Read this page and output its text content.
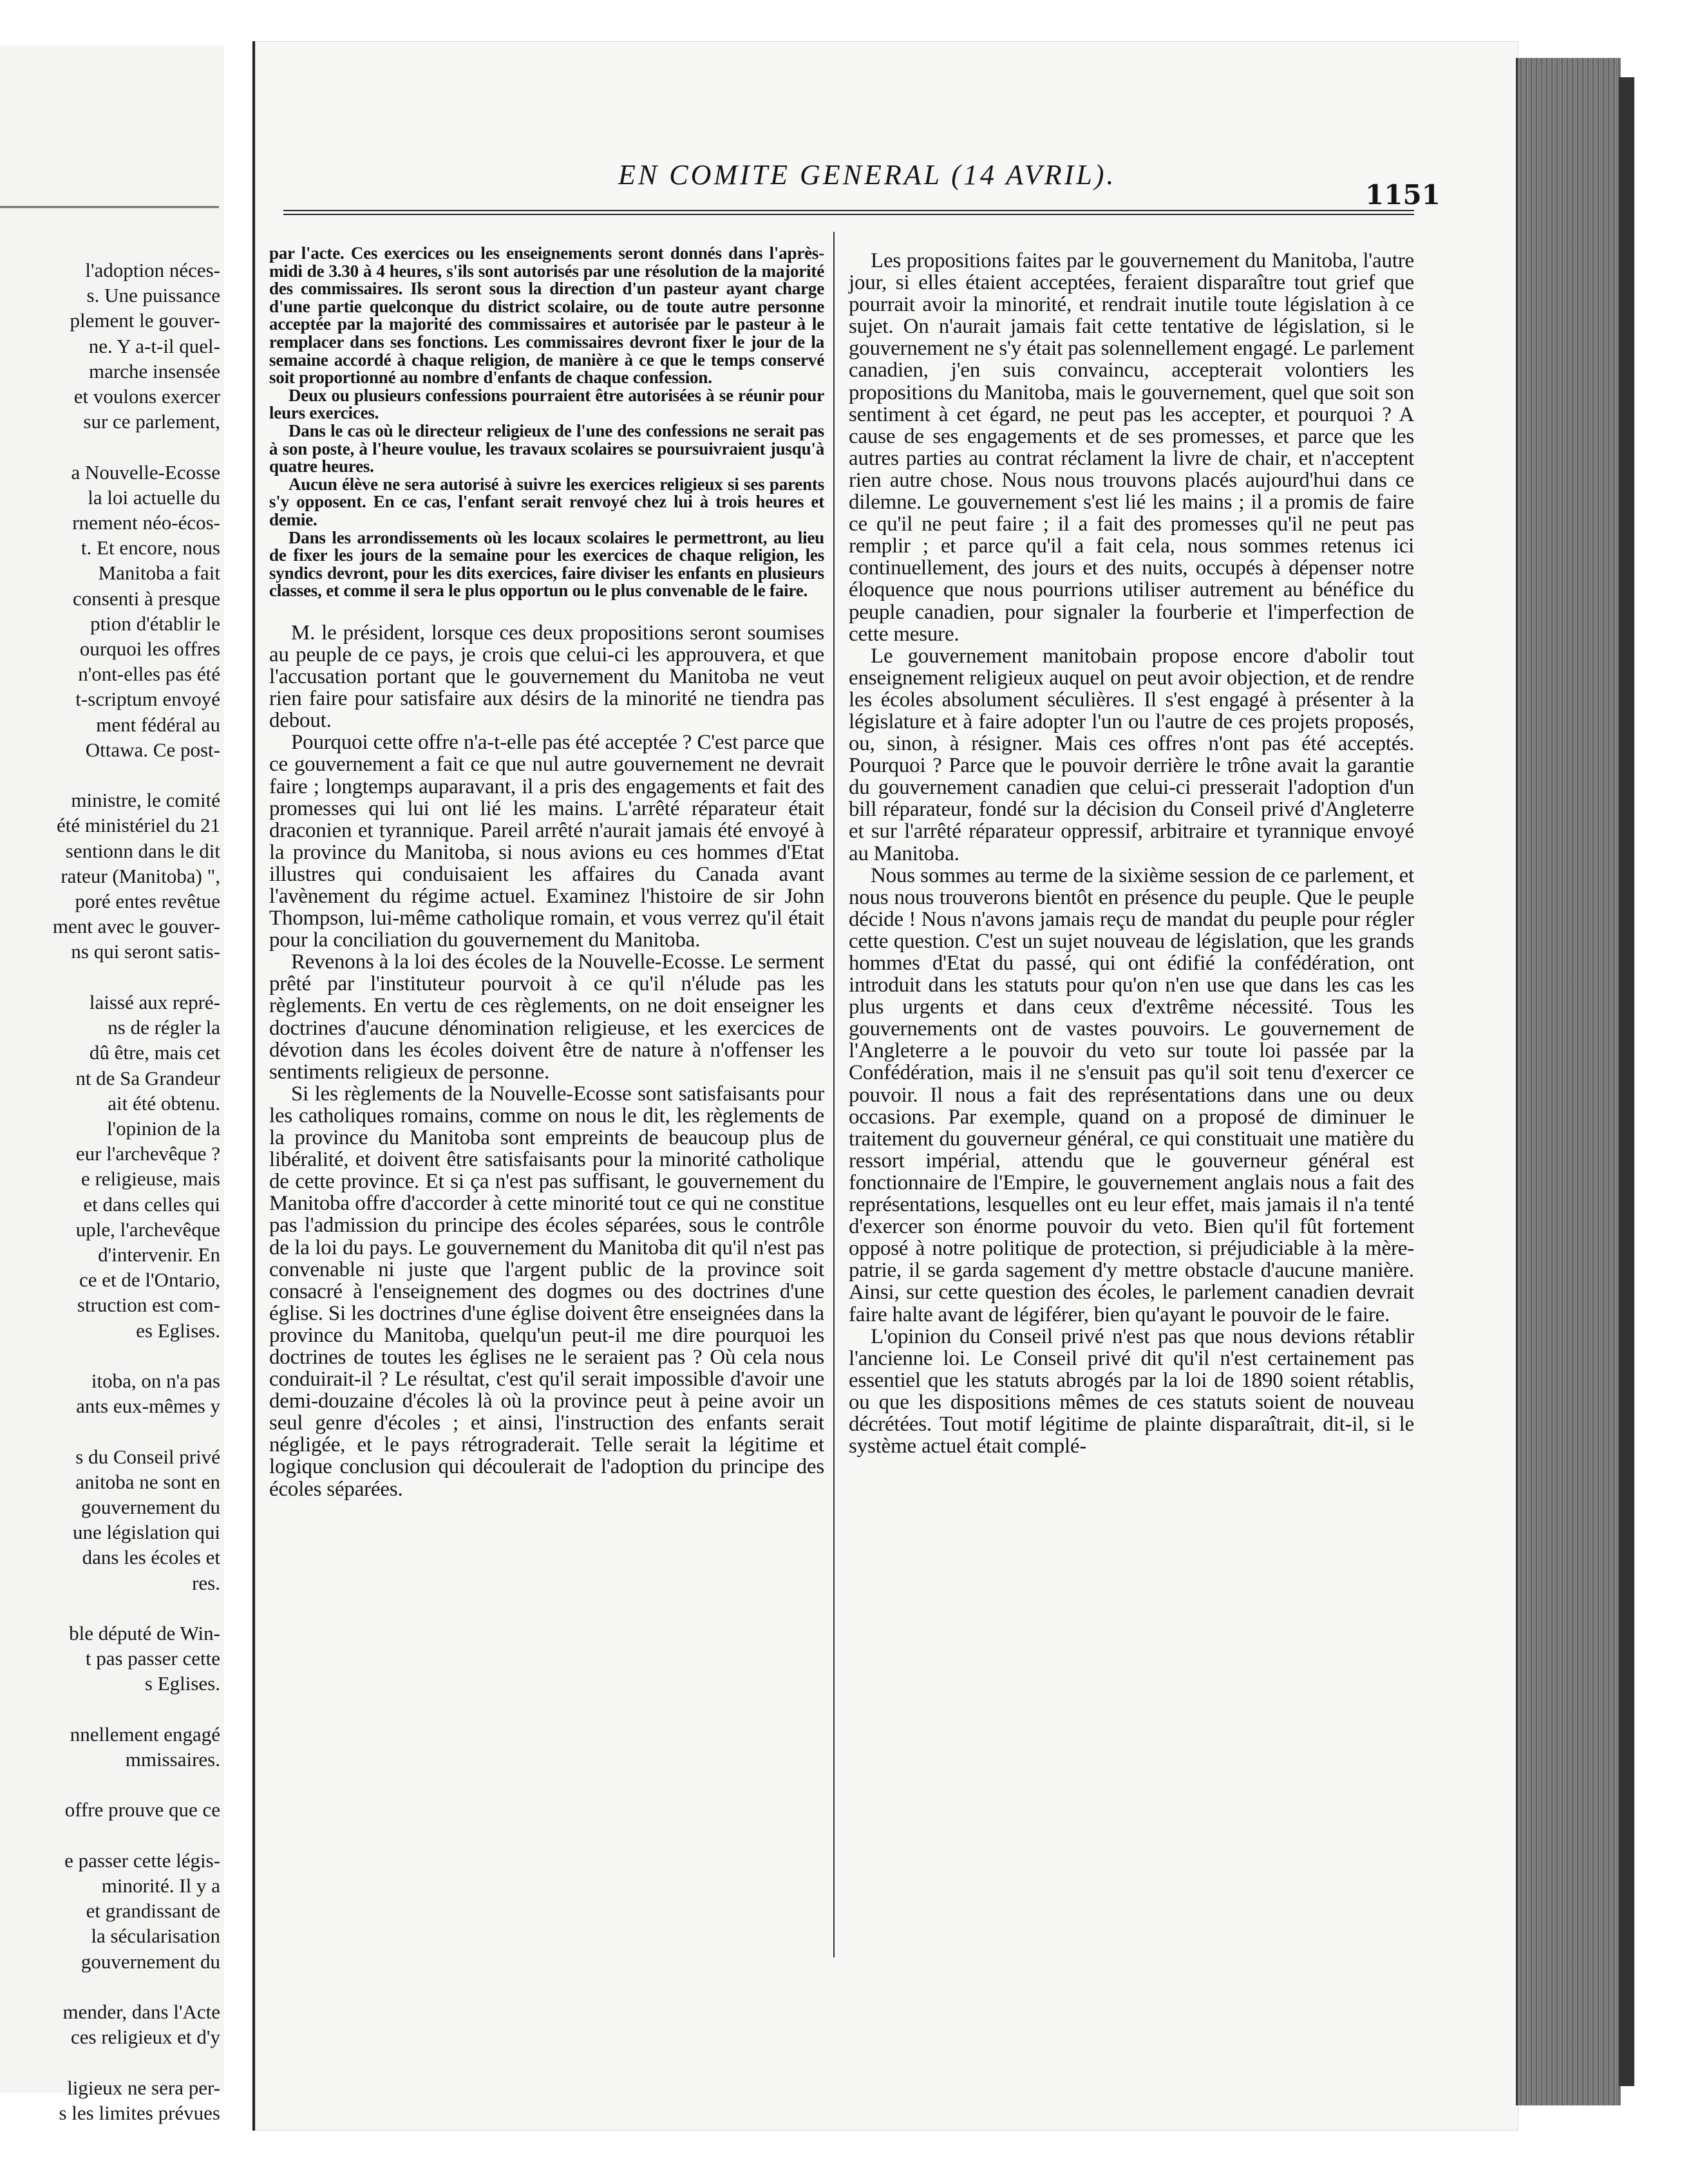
l'adoption néces-
s. Une puissance
plement le gouver-
ne. Y a-t-il quel-
marche insensée
et voulons exercer
sur ce parlement,

a Nouvelle-Ecosse
la loi actuelle du
rnement néo-écos-
t. Et encore, nous
Manitoba a fait
consenti à presque
ption d'établir le
ourquoi les offres
n'ont-elles pas été
t-scriptum envoyé
ment fédéral au
Ottawa. Ce post-

ministre, le comité
été ministériel du 21
sentionn dans le dit
rateur (Manitoba) ",
poré entes revêtue
ment avec le gouver-
ns qui seront satis-

laissé aux repré-
ns de régler la
dû être, mais cet
nt de Sa Grandeur
ait été obtenu.
l'opinion de la
eur l'archevêque ?
e religieuse, mais
et dans celles qui
uple, l'archevêque
d'intervenir. En
ce et de l'Ontario,
struction est com-
es Eglises.

itoba, on n'a pas
ants eux-mêmes y

s du Conseil privé
anitoba ne sont en
gouvernement du
une législation qui
dans les écoles et
res.

ble député de Win-
t pas passer cette
s Eglises.

nnellement engagé
mmissaires.

offre prouve que ce

e passer cette légis-
minorité. Il y a
et grandissant de
la sécularisation
gouvernement du

mender, dans l'Acte
ces religieux et d'y

ligieux ne sera per-
s les limites prévues
EN COMITE GENERAL (14 AVRIL).
1151

par l'acte. Ces exercices ou les enseignements seront donnés dans l'après-midi de 3.30 à 4 heures, s'ils sont autorisés par une résolution de la majorité des commissaires. Ils seront sous la direction d'un pasteur ayant charge d'une partie quelconque du district scolaire, ou de toute autre personne acceptée par la majorité des commissaires et autorisée par le pasteur à le remplacer dans ses fonctions. Les commissaires devront fixer le jour de la semaine accordé à chaque religion, de manière à ce que le temps conservé soit proportionné au nombre d'enfants de chaque confession.

Deux ou plusieurs confessions pourraient être autorisées à se réunir pour leurs exercices.

Dans le cas où le directeur religieux de l'une des confessions ne serait pas à son poste, à l'heure voulue, les travaux scolaires se poursuivraient jusqu'à quatre heures.

Aucun élève ne sera autorisé à suivre les exercices religieux si ses parents s'y opposent. En ce cas, l'enfant serait renvoyé chez lui à trois heures et demie.

Dans les arrondissements où les locaux scolaires le permettront, au lieu de fixer les jours de la semaine pour les exercices de chaque religion, les syndics devront, pour les dits exercices, faire diviser les enfants en plusieurs classes, et comme il sera le plus opportun ou le plus convenable de le faire.

M. le président, lorsque ces deux propositions seront soumises au peuple de ce pays, je crois que celui-ci les approuvera, et que l'accusation portant que le gouvernement du Manitoba ne veut rien faire pour satisfaire aux désirs de la minorité ne tiendra pas debout.

Pourquoi cette offre n'a-t-elle pas été acceptée ? C'est parce que ce gouvernement a fait ce que nul autre gouvernement ne devrait faire ; longtemps auparavant, il a pris des engagements et fait des promesses qui lui ont lié les mains. L'arrêté réparateur était draconien et tyrannique. Pareil arrêté n'aurait jamais été envoyé à la province du Manitoba, si nous avions eu ces hommes d'Etat illustres qui conduisaient les affaires du Canada avant l'avènement du régime actuel. Examinez l'histoire de sir John Thompson, lui-même catholique romain, et vous verrez qu'il était pour la conciliation du gouvernement du Manitoba.

Revenons à la loi des écoles de la Nouvelle-Ecosse. Le serment prêté par l'instituteur pourvoit à ce qu'il n'élude pas les règlements. En vertu de ces règlements, on ne doit enseigner les doctrines d'aucune dénomination religieuse, et les exercices de dévotion dans les écoles doivent être de nature à n'offenser les sentiments religieux de personne.

Si les règlements de la Nouvelle-Ecosse sont satisfaisants pour les catholiques romains, comme on nous le dit, les règlements de la province du Manitoba sont empreints de beaucoup plus de libéralité, et doivent être satisfaisants pour la minorité catholique de cette province. Et si ça n'est pas suffisant, le gouvernement du Manitoba offre d'accorder à cette minorité tout ce qui ne constitue pas l'admission du principe des écoles séparées, sous le contrôle de la loi du pays. Le gouvernement du Manitoba dit qu'il n'est pas convenable ni juste que l'argent public de la province soit consacré à l'enseignement des dogmes ou des doctrines d'une église. Si les doctrines d'une église doivent être enseignées dans la province du Manitoba, quelqu'un peut-il me dire pourquoi les doctrines de toutes les églises ne le seraient pas ? Où cela nous conduirait-il ? Le résultat, c'est qu'il serait impossible d'avoir une demi-douzaine d'écoles là où la province peut à peine avoir un seul genre d'écoles ; et ainsi, l'instruction des enfants serait négligée, et le pays rétrograderait. Telle serait la légitime et logique conclusion qui découlerait de l'adoption du principe des écoles séparées.

Les propositions faites par le gouvernement du Manitoba, l'autre jour, si elles étaient acceptées, feraient disparaître tout grief que pourrait avoir la minorité, et rendrait inutile toute législation à ce sujet. On n'aurait jamais fait cette tentative de législation, si le gouvernement ne s'y était pas solennellement engagé. Le parlement canadien, j'en suis convaincu, accepterait volontiers les propositions du Manitoba, mais le gouvernement, quel que soit son sentiment à cet égard, ne peut pas les accepter, et pourquoi ? A cause de ses engagements et de ses promesses, et parce que les autres parties au contrat réclament la livre de chair, et n'acceptent rien autre chose. Nous nous trouvons placés aujourd'hui dans ce dilemne. Le gouvernement s'est lié les mains ; il a promis de faire ce qu'il ne peut faire ; il a fait des promesses qu'il ne peut pas remplir ; et parce qu'il a fait cela, nous sommes retenus ici continuellement, des jours et des nuits, occupés à dépenser notre éloquence que nous pourrions utiliser autrement au bénéfice du peuple canadien, pour signaler la fourberie et l'imperfection de cette mesure.

Le gouvernement manitobain propose encore d'abolir tout enseignement religieux auquel on peut avoir objection, et de rendre les écoles absolument séculières. Il s'est engagé à présenter à la législature et à faire adopter l'un ou l'autre de ces projets proposés, ou, sinon, à résigner. Mais ces offres n'ont pas été acceptés. Pourquoi ? Parce que le pouvoir derrière le trône avait la garantie du gouvernement canadien que celui-ci presserait l'adoption d'un bill réparateur, fondé sur la décision du Conseil privé d'Angleterre et sur l'arrêté réparateur oppressif, arbitraire et tyrannique envoyé au Manitoba.

Nous sommes au terme de la sixième session de ce parlement, et nous nous trouverons bientôt en présence du peuple. Que le peuple décide ! Nous n'avons jamais reçu de mandat du peuple pour régler cette question. C'est un sujet nouveau de législation, que les grands hommes d'Etat du passé, qui ont édifié la confédération, ont introduit dans les statuts pour qu'on n'en use que dans les cas les plus urgents et dans ceux d'extrême nécessité. Tous les gouvernements ont de vastes pouvoirs. Le gouvernement de l'Angleterre a le pouvoir du veto sur toute loi passée par la Confédération, mais il ne s'ensuit pas qu'il soit tenu d'exercer ce pouvoir. Il nous a fait des représentations dans une ou deux occasions. Par exemple, quand on a proposé de diminuer le traitement du gouverneur général, ce qui constituait une matière du ressort impérial, attendu que le gouverneur général est fonctionnaire de l'Empire, le gouvernement anglais nous a fait des représentations, lesquelles ont eu leur effet, mais jamais il n'a tenté d'exercer son énorme pouvoir du veto. Bien qu'il fût fortement opposé à notre politique de protection, si préjudiciable à la mère-patrie, il se garda sagement d'y mettre obstacle d'aucune manière. Ainsi, sur cette question des écoles, le parlement canadien devrait faire halte avant de légiférer, bien qu'ayant le pouvoir de le faire.

L'opinion du Conseil privé n'est pas que nous devions rétablir l'ancienne loi. Le Conseil privé dit qu'il n'est certainement pas essentiel que les statuts abrogés par la loi de 1890 soient rétablis, ou que les dispositions mêmes de ces statuts soient de nouveau décrétées. Tout motif légitime de plainte disparaîtrait, dit-il, si le système actuel était complé-
